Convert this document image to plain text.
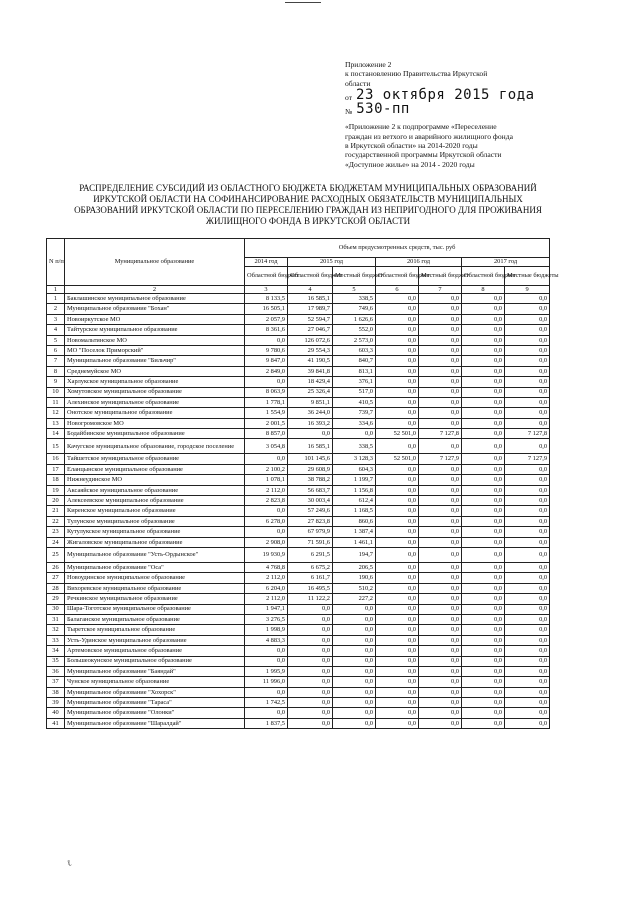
Приложение 2
к постановлению Правительства Иркутской
области
от 23 октября 2015 года
№ 530-пп
«Приложение 2 к подпрограмме «Переселение
граждан из ветхого и аварийного жилищного фонда
в Иркутской области» на 2014-2020 годы
государственной программы Иркутской области
«Доступное жилье» на 2014 - 2020 годы
РАСПРЕДЕЛЕНИЕ СУБСИДИЙ ИЗ ОБЛАСТНОГО БЮДЖЕТА БЮДЖЕТАМ МУНИЦИПАЛЬНЫХ ОБРАЗОВАНИЙ
ИРКУТСКОЙ ОБЛАСТИ НА СОФИНАНСИРОВАНИЕ РАСХОДНЫХ ОБЯЗАТЕЛЬСТВ МУНИЦИПАЛЬНЫХ
ОБРАЗОВАНИЙ ИРКУТСКОЙ ОБЛАСТИ ПО ПЕРЕСЕЛЕНИЮ ГРАЖДАН ИЗ НЕПРИГОДНОГО ДЛЯ ПРОЖИВАНИЯ
ЖИЛИЩНОГО ФОНДА В ИРКУТСКОЙ ОБЛАСТИ
N п/п	Муниципальное образование	Объем предусмотренных средств, тыс. руб						
		2014 год	2015 год		2016 год		2017 год	
		Областной бюджет	Областной бюджет	Местный бюджет	Областной бюджет	Местный бюджет	Областной бюджет	Местные бюджеты
1	2	3	4	5	6	7	8	9
1	Баклашинское муниципальное образование	8 133,5	16 585,1	338,5	0,0	0,0	0,0	0,0
2	Муниципальное образование "Бохан"	16 505,1	17 989,7	749,6	0,0	0,0	0,0	0,0
3	Новоиркутское МО	2 057,9	52 594,7	1 626,6	0,0	0,0	0,0	0,0
4	Тайтурское муниципальное образование	8 361,6	27 046,7	552,0	0,0	0,0	0,0	0,0
5	Новомальтинское МО	0,0	126 072,6	2 573,0	0,0	0,0	0,0	0,0
6	МО "Поселок Приморский"	9 780,6	29 554,3	603,3	0,0	0,0	0,0	0,0
7	Муниципальное образование "Бильчир"	9 847,0	41 190,5	840,7	0,0	0,0	0,0	0,0
8	Среднемуйское МО	2 849,0	39 841,8	813,1	0,0	0,0	0,0	0,0
9	Харлукское муниципальное образование	0,0	18 429,4	376,1	0,0	0,0	0,0	0,0
10	Хомутовское муниципальное образование	8 063,9	25 326,4	517,0	0,0	0,0	0,0	0,0
11	Алехинское муниципальное образование	1 778,1	9 851,1	410,5	0,0	0,0	0,0	0,0
12	Онотское муниципальное образование	1 554,9	36 244,0	739,7	0,0	0,0	0,0	0,0
13	Новогромовское МО	2 001,5	16 393,2	334,6	0,0	0,0	0,0	0,0
14	Бодайбинское муниципальное образование	8 857,0	0,0	0,0	52 501,0	7 127,8	0,0	7 127,8
15	Качугское муниципальное образование, городское поселение	3 054,8	16 585,1	338,5	0,0	0,0	0,0	0,0
16	Тайшетское муниципальное образование	0,0	101 145,6	3 128,3	52 501,0	7 127,9	0,0	7 127,9
17	Еланцынское муниципальное образование	2 100,2	29 608,9	604,3	0,0	0,0	0,0	0,0
18	Нижнеудинское МО	1 078,1	38 788,2	1 199,7	0,0	0,0	0,0	0,0
19	Аксаяйское муниципальное образование	2 112,0	56 683,7	1 156,8	0,0	0,0	0,0	0,0
20	Алексеевское муниципальное образование	2 823,8	30 003,4	612,4	0,0	0,0	0,0	0,0
21	Киренское муниципальное образование	0,0	57 249,6	1 168,5	0,0	0,0	0,0	0,0
22	Тулунское муниципальное образование	6 278,0	27 823,8	860,6	0,0	0,0	0,0	0,0
23	Кутулукское муниципальное образование	0,0	67 979,9	1 387,4	0,0	0,0	0,0	0,0
24	Жигаловское муниципальное образование	2 908,0	71 591,6	1 461,1	0,0	0,0	0,0	0,0
25	Муниципальное образование "Усть-Ордынское"	19 930,9	6 291,5	194,7	0,0	0,0	0,0	0,0
26	Муниципальное образование "Оса"	4 768,8	6 675,2	206,5	0,0	0,0	0,0	0,0
27	Новоудинское муниципальное образование	2 112,0	6 161,7	190,6	0,0	0,0	0,0	0,0
28	Вихоревское муниципальное образование	6 204,0	16 495,5	510,2	0,0	0,0	0,0	0,0
29	Речкинское муниципальное образование	2 112,0	11 122,2	227,2	0,0	0,0	0,0	0,0
30	Шара-Тоготское муниципальное образование	1 947,1	0,0	0,0	0,0	0,0	0,0	0,0
31	Балаганское муниципальное образование	3 276,5	0,0	0,0	0,0	0,0	0,0	0,0
32	Тыретское муниципальное образование	1 998,9	0,0	0,0	0,0	0,0	0,0	0,0
33	Усть-Удинское муниципальное образование	4 883,3	0,0	0,0	0,0	0,0	0,0	0,0
34	Артемовское муниципальное образование	0,0	0,0	0,0	0,0	0,0	0,0	0,0
35	Большеокунское муниципальное образование	0,0	0,0	0,0	0,0	0,0	0,0	0,0
36	Муниципальное образование "Баяндай"	1 995,9	0,0	0,0	0,0	0,0	0,0	0,0
37	Чунское муниципальное образование	11 996,0	0,0	0,0	0,0	0,0	0,0	0,0
38	Муниципальное образование "Хохорск"	0,0	0,0	0,0	0,0	0,0	0,0	0,0
39	Муниципальное образование "Тараса"	1 742,5	0,0	0,0	0,0	0,0	0,0	0,0
40	Муниципальное образование "Олонки"	0,0	0,0	0,0	0,0	0,0	0,0	0,0
41	Муниципальное образование "Шаралдай"	1 837,5	0,0	0,0	0,0	0,0	0,0	0,0
ℓ
